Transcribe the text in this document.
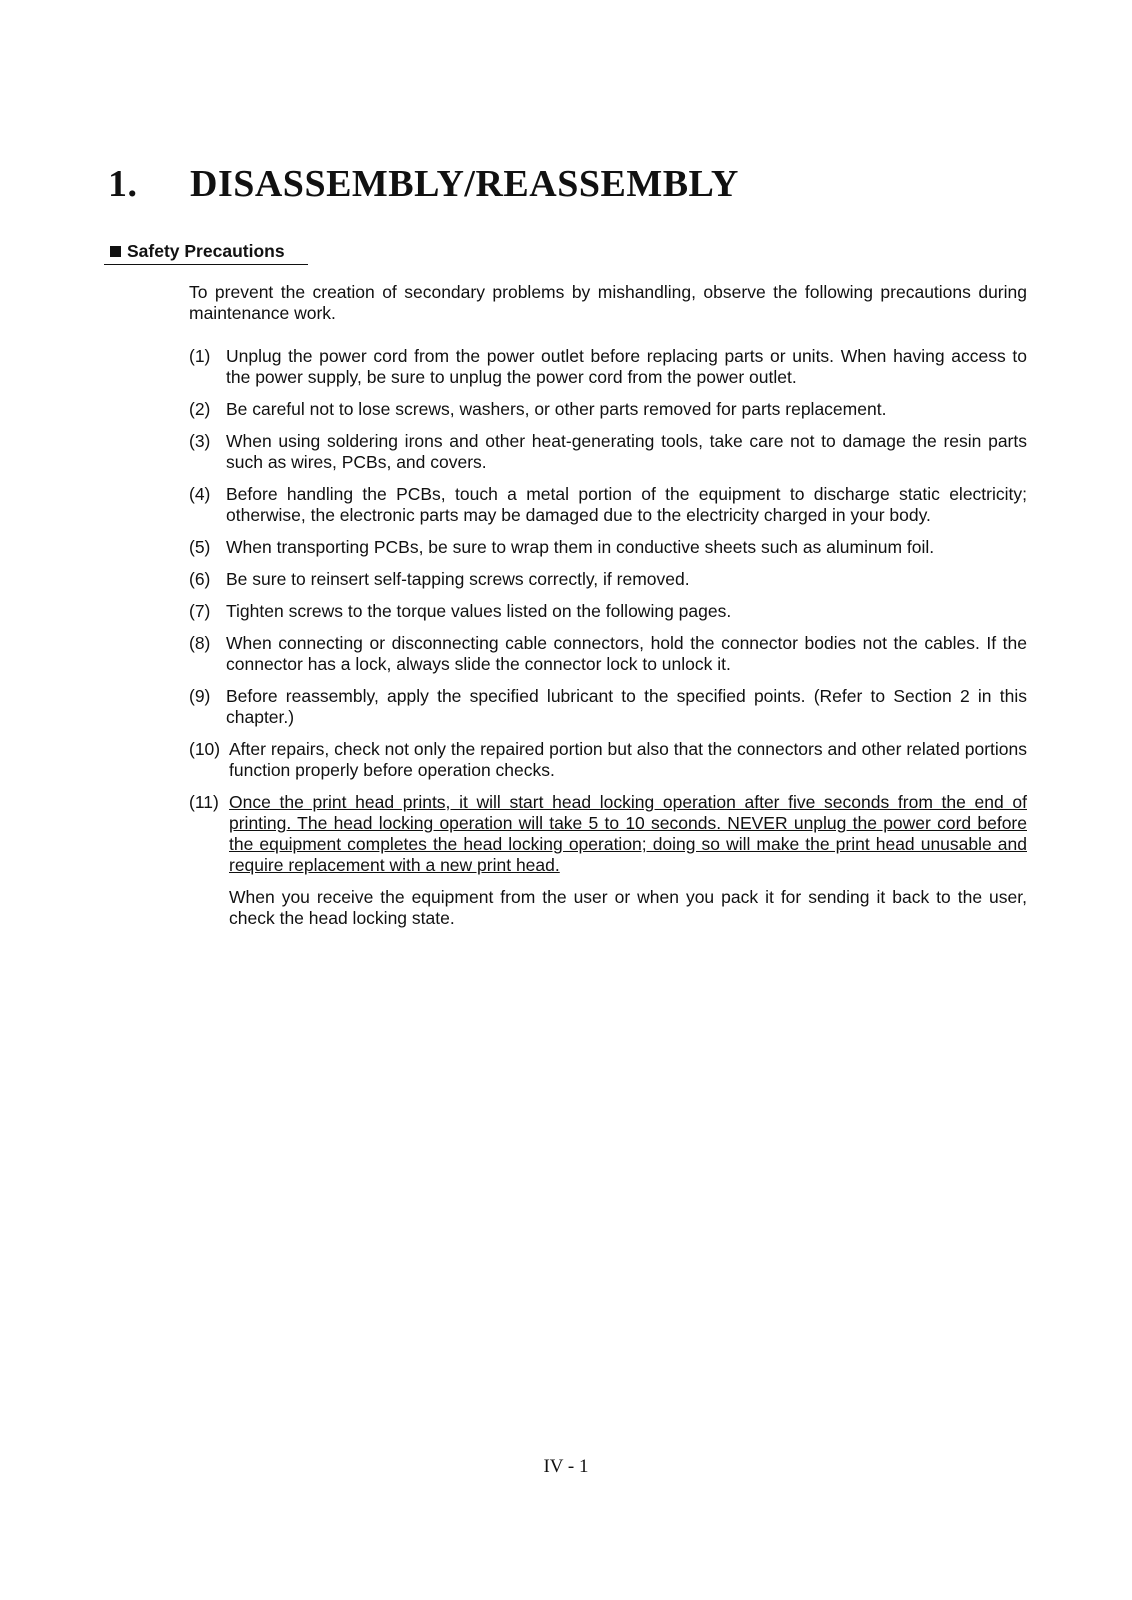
1. DISASSEMBLY/REASSEMBLY
Safety Precautions

To prevent the creation of secondary problems by mishandling, observe the following precautions during maintenance work.

(1) Unplug the power cord from the power outlet before replacing parts or units. When having access to the power supply, be sure to unplug the power cord from the power outlet.
(2) Be careful not to lose screws, washers, or other parts removed for parts replacement.
(3) When using soldering irons and other heat-generating tools, take care not to damage the resin parts such as wires, PCBs, and covers.
(4) Before handling the PCBs, touch a metal portion of the equipment to discharge static electricity; otherwise, the electronic parts may be damaged due to the electricity charged in your body.
(5) When transporting PCBs, be sure to wrap them in conductive sheets such as aluminum foil.
(6) Be sure to reinsert self-tapping screws correctly, if removed.
(7) Tighten screws to the torque values listed on the following pages.
(8) When connecting or disconnecting cable connectors, hold the connector bodies not the cables. If the connector has a lock, always slide the connector lock to unlock it.
(9) Before reassembly, apply the specified lubricant to the specified points. (Refer to Section 2 in this chapter.)
(10) After repairs, check not only the repaired portion but also that the connectors and other related portions function properly before operation checks.
(11) Once the print head prints, it will start head locking operation after five seconds from the end of printing. The head locking operation will take 5 to 10 seconds. NEVER unplug the power cord before the equipment completes the head locking operation; doing so will make the print head unusable and require replacement with a new print head.

When you receive the equipment from the user or when you pack it for sending it back to the user, check the head locking state.

IV - 1
